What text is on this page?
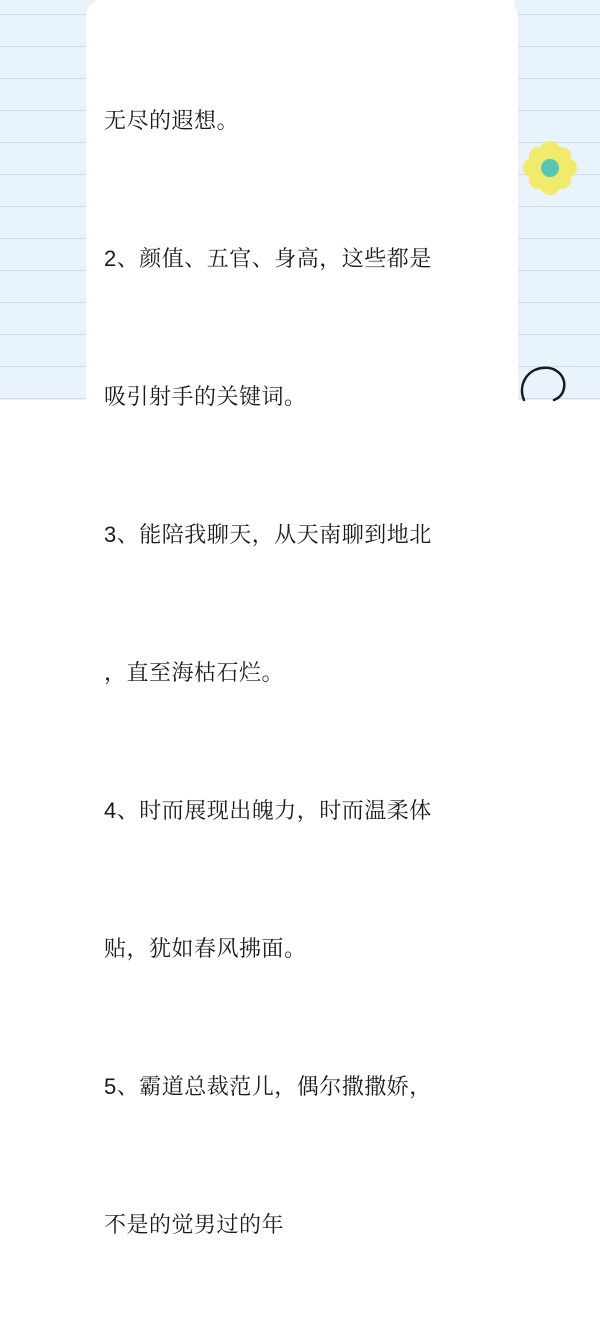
无尽的遐想。

2、颜值、五官、身高，这些都是

吸引射手的关键词。

3、能陪我聊天，从天南聊到地北

，直至海枯石烂。

4、时而展现出魄力，时而温柔体

贴，犹如春风拂面。

5、霸道总裁范儿，偶尔撒撒娇，

不是的觉男过的年
